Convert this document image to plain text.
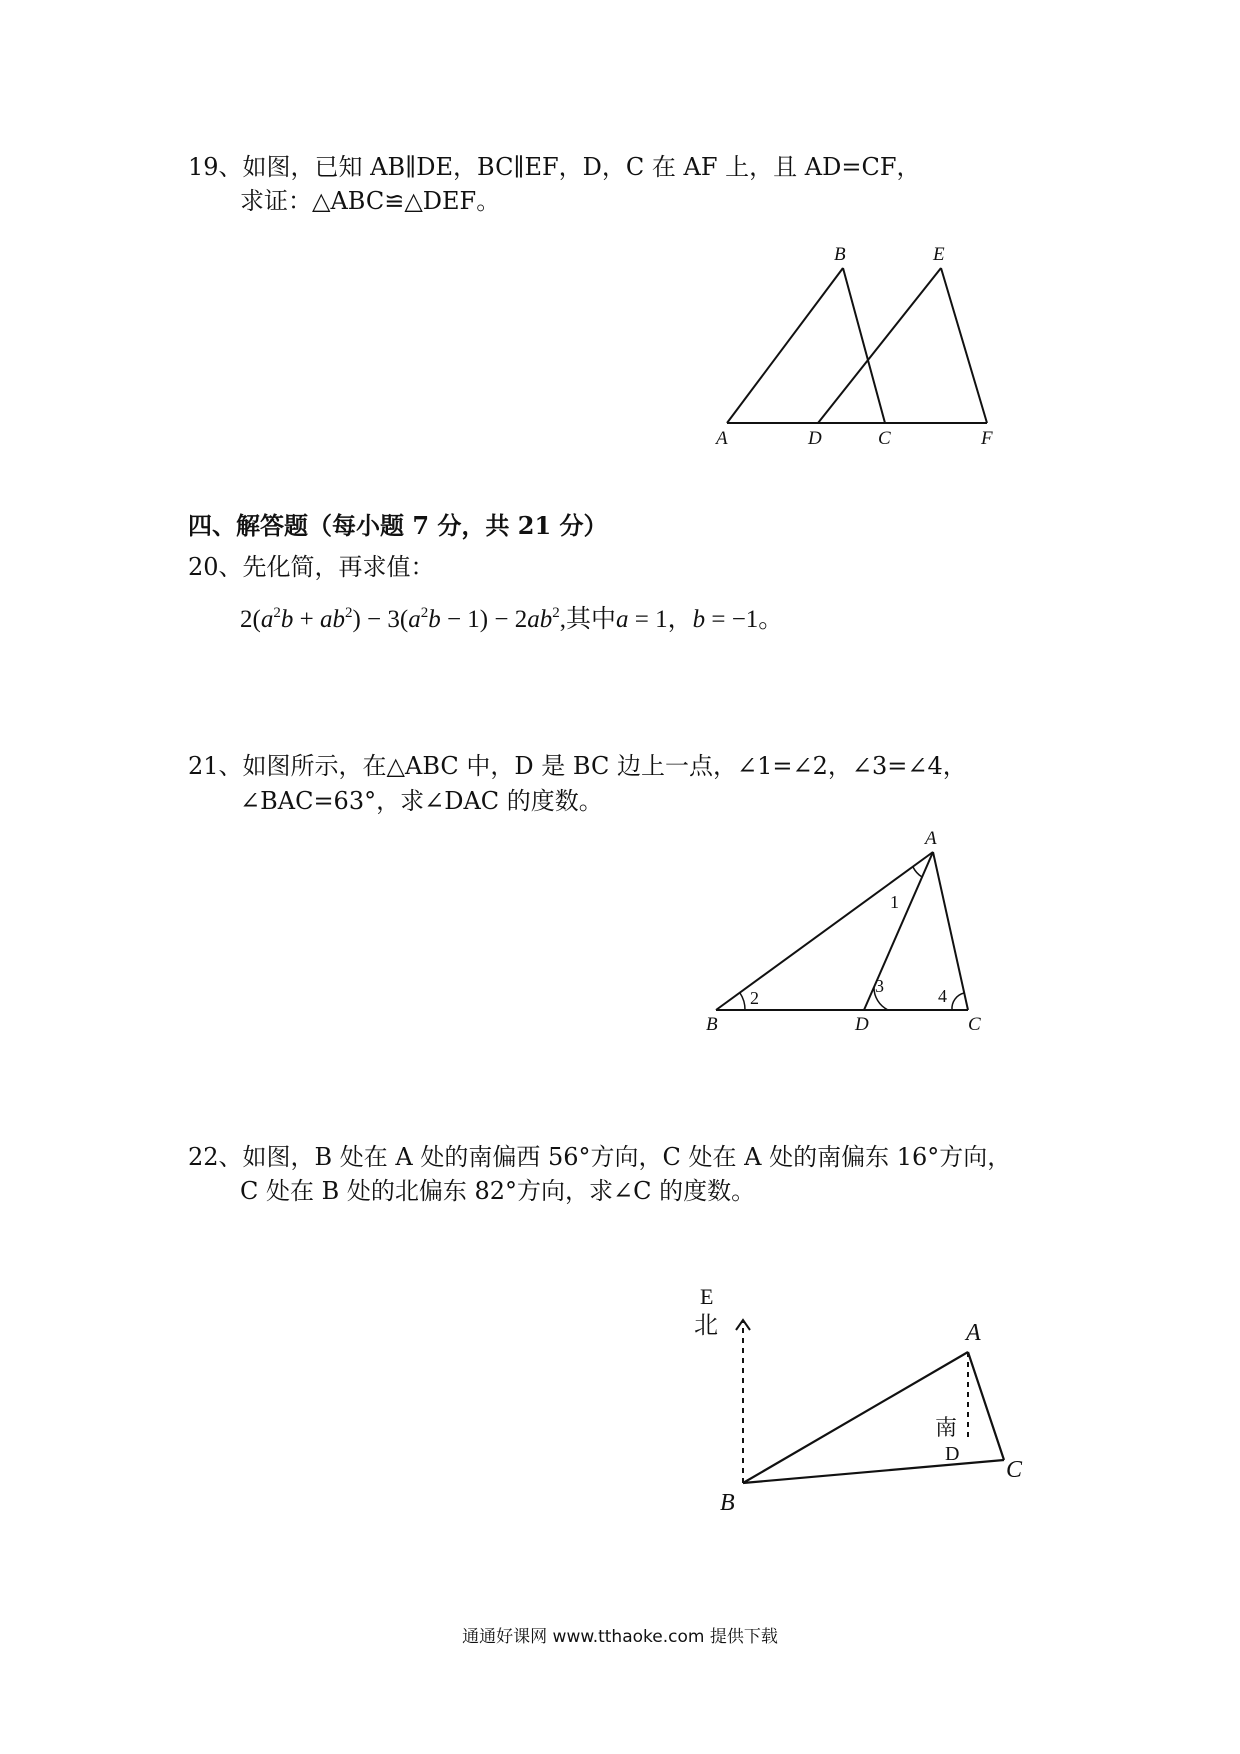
19、如图，已知 AB∥DE，BC∥EF，D，C 在 AF 上，且 AD=CF，
求证：△ABC≌△DEF。
A
B
C
D
E
F
四、解答题（每小题 7 分，共 21 分）
20、先化简，再求值：
$2(a^2b + ab^2) - 3(a^2b - 1) - 2ab^2$,其中a = 1，b = −1。
21、如图所示，在△ABC 中，D 是 BC 边上一点，∠1=∠2，∠3=∠4，
∠BAC=63°，求∠DAC 的度数。
1
2
3	4
A
B	C
D
22、如图，B 处在 A 处的南偏西 56°方向，C 处在 A 处的南偏东 16°方向，
C 处在 B 处的北偏东 82°方向，求∠C 的度数。
E
北
南
D
A
B
C
通通好课网 www.tthaoke.com 提供下载
